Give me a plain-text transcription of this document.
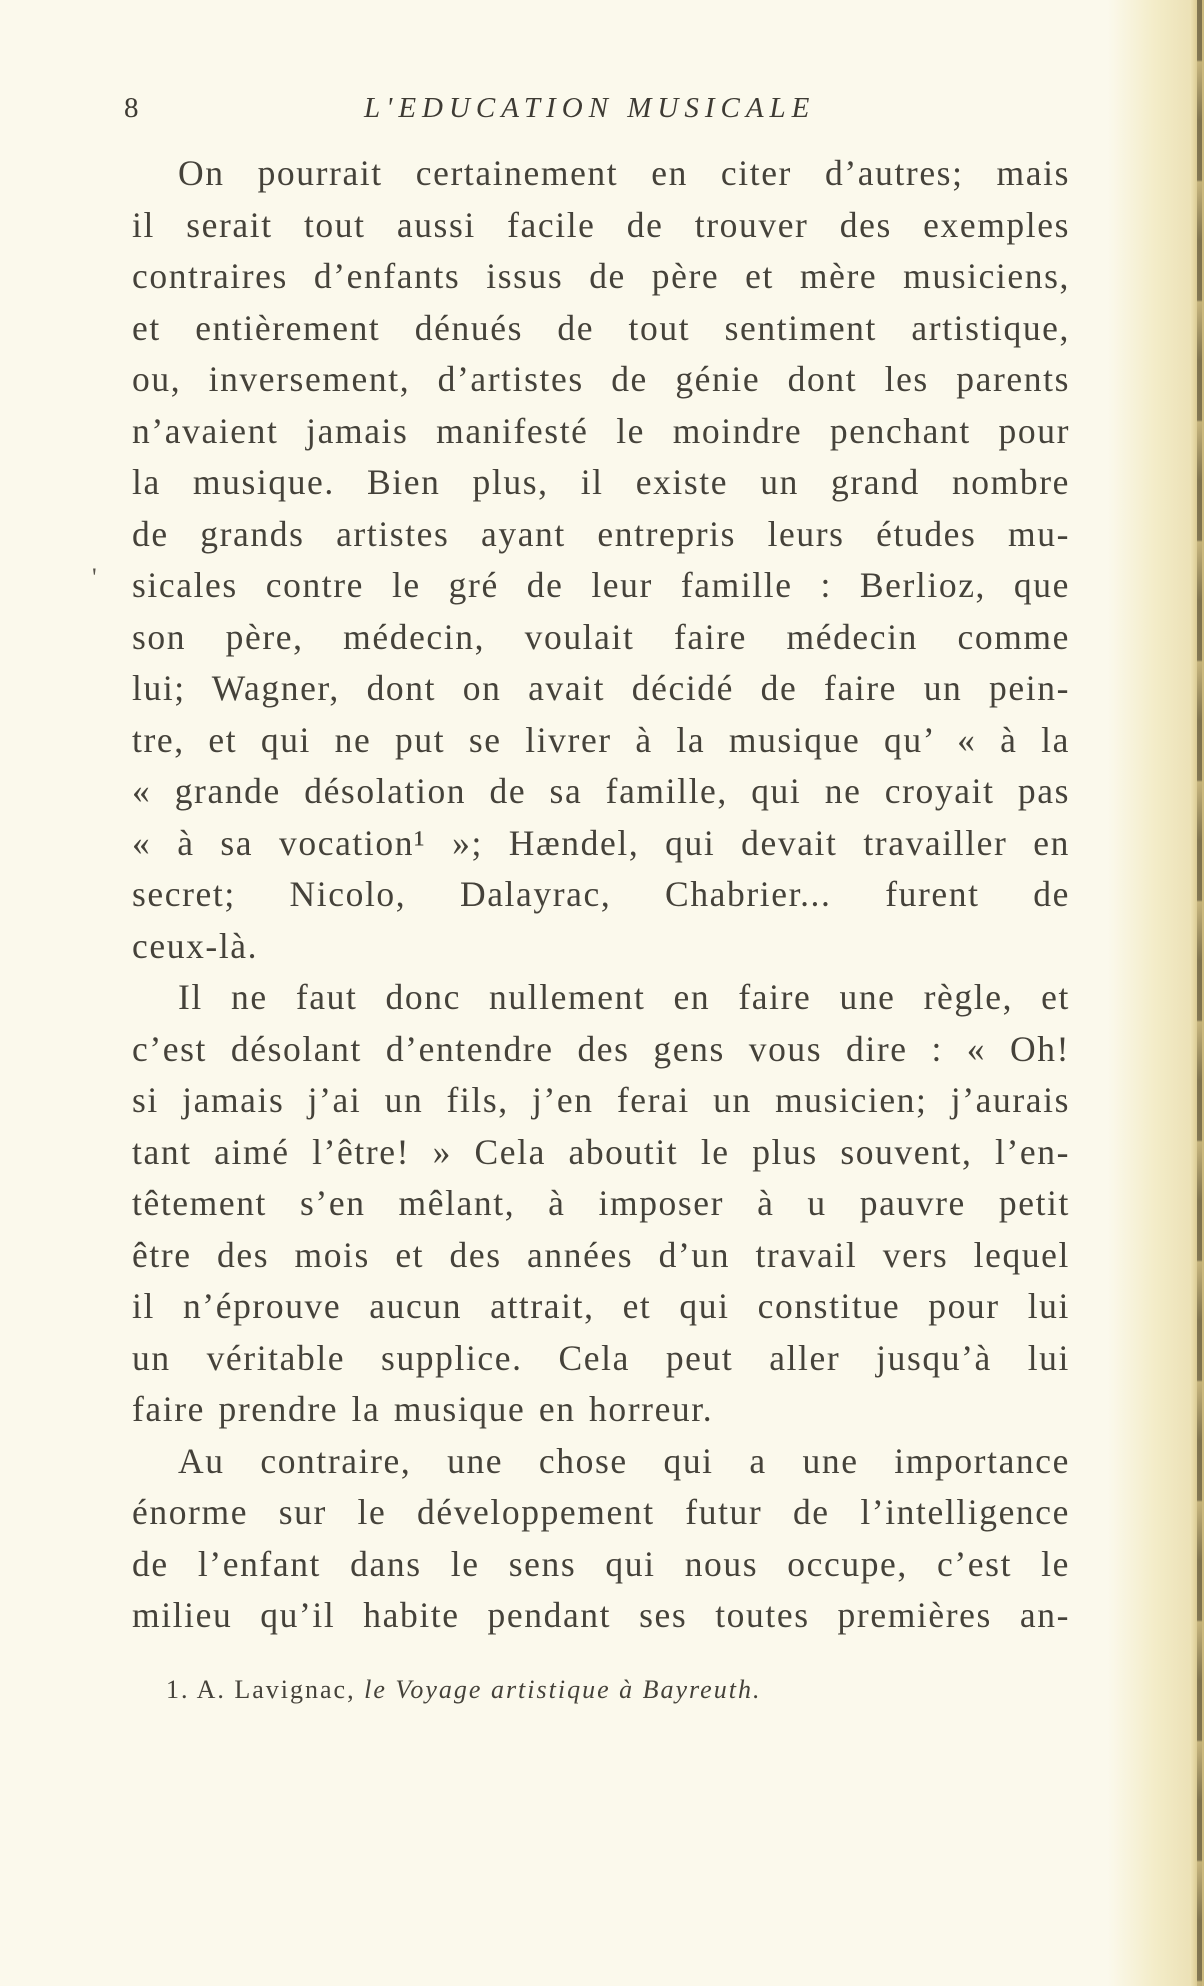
8	L'EDUCATION MUSICALE
'
On pourrait certainement en citer d’autres; mais
il serait tout aussi facile de trouver des exemples
contraires d’enfants issus de père et mère musiciens,
et entièrement dénués de tout sentiment artistique,
ou, inversement, d’artistes de génie dont les parents
n’avaient jamais manifesté le moindre penchant pour
la musique. Bien plus, il existe un grand nombre
de grands artistes ayant entrepris leurs études mu-
sicales contre le gré de leur famille : Berlioz, que
son père, médecin, voulait faire médecin comme
lui; Wagner, dont on avait décidé de faire un pein-
tre, et qui ne put se livrer à la musique qu’ « à la
« grande désolation de sa famille, qui ne croyait pas
« à sa vocation¹ »; Hændel, qui devait travailler en
secret; Nicolo, Dalayrac, Chabrier... furent de
ceux-là.
Il ne faut donc nullement en faire une règle, et
c’est désolant d’entendre des gens vous dire : « Oh!
si jamais j’ai un fils, j’en ferai un musicien; j’aurais
tant aimé l’être! » Cela aboutit le plus souvent, l’en-
têtement s’en mêlant, à imposer à u pauvre petit
être des mois et des années d’un travail vers lequel
il n’éprouve aucun attrait, et qui constitue pour lui
un véritable supplice. Cela peut aller jusqu’à lui
faire prendre la musique en horreur.
Au contraire, une chose qui a une importance
énorme sur le développement futur de l’intelligence
de l’enfant dans le sens qui nous occupe, c’est le
milieu qu’il habite pendant ses toutes premières an-
1. A. Lavignac, le Voyage artistique à Bayreuth.
